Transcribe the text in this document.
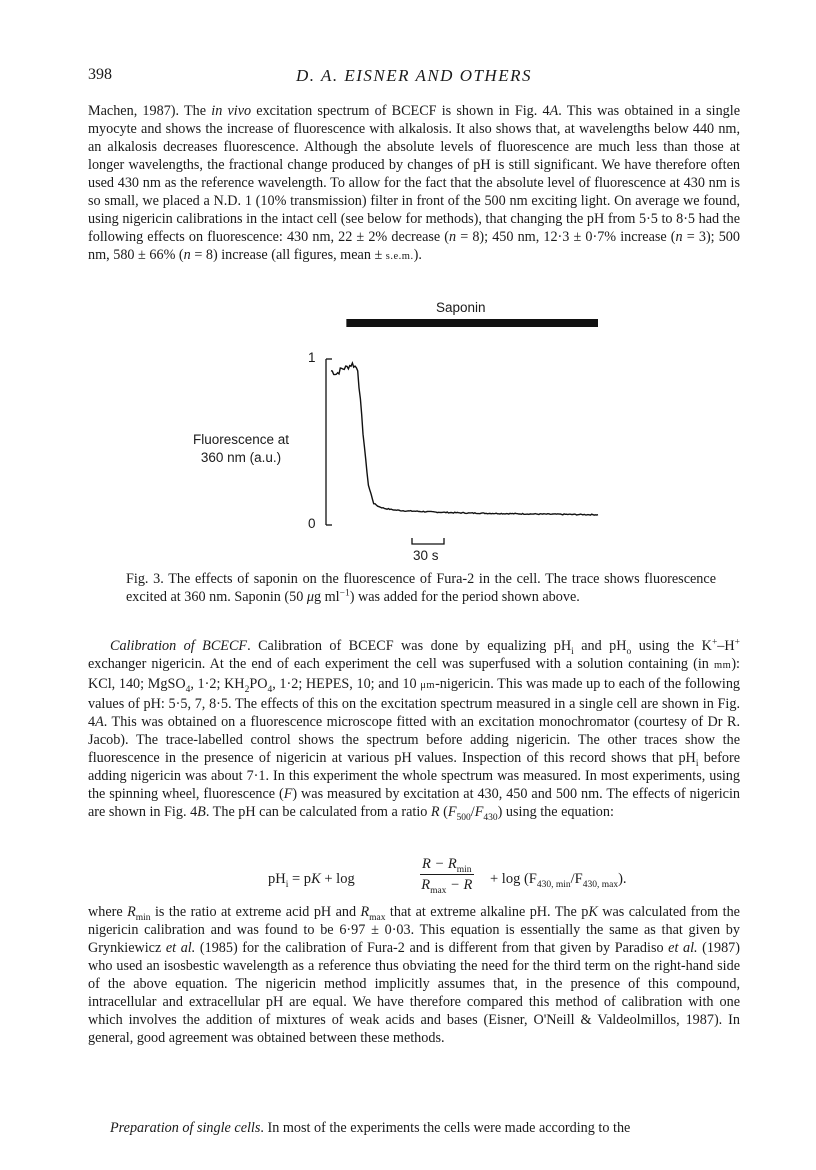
398	D. A. EISNER AND OTHERS

Machen, 1987). The in vivo excitation spectrum of BCECF is shown in Fig. 4A. This was obtained in a single myocyte and shows the increase of fluorescence with alkalosis. It also shows that, at wavelengths below 440 nm, an alkalosis decreases fluorescence. Although the absolute levels of fluorescence are much less than those at longer wavelengths, the fractional change produced by changes of pH is still significant. We have therefore often used 430 nm as the reference wavelength. To allow for the fact that the absolute level of fluorescence at 430 nm is so small, we placed a N.D. 1 (10% transmission) filter in front of the 500 nm exciting light. On average we found, using nigericin calibrations in the intact cell (see below for methods), that changing the pH from 5·5 to 8·5 had the following effects on fluorescence: 430 nm, 22 ± 2% decrease (n = 8); 450 nm, 12·3 ± 0·7% increase (n = 3); 500 nm, 580 ± 66% (n = 8) increase (all figures, mean ± s.e.m.).

Saponin
Fluorescence at
360 nm (a.u.)
1
0
30 s

Fig. 3. The effects of saponin on the fluorescence of Fura-2 in the cell. The trace shows fluorescence excited at 360 nm. Saponin (50 μg $ml^{-1}$) was added for the period shown above.

Calibration of BCECF. Calibration of BCECF was done by equalizing $pH_i$ and $pH_o$ using the K+–H+ exchanger nigericin. At the end of each experiment the cell was superfused with a solution containing (in mm): KCl, 140; MgSO$_4$, 1·2; $KH_2PO_4$, 1·2; HEPES, 10; and 10 μm-nigericin. This was made up to each of the following values of pH: 5·5, 7, 8·5. The effects of this on the excitation spectrum measured in a single cell are shown in Fig. 4A. This was obtained on a fluorescence microscope fitted with an excitation monochromator (courtesy of Dr R. Jacob). The trace-labelled control shows the spectrum before adding nigericin. The other traces show the fluorescence in the presence of nigericin at various pH values. Inspection of this record shows that $pH_i$ before adding nigericin was about 7·1. In this experiment the whole spectrum was measured. In most experiments, using the spinning wheel, fluorescence (F) was measured by excitation at 430, 450 and 500 nm. The effects of nigericin are shown in Fig. 4B. The pH can be calculated from a ratio R $(F_{500}/F_{430})$ using the equation:

$pH_i$ = pK + log
$R - R_{min}$
$R_{max} - R + \log (F_{430, min}/F_{430, max})$.

where $R_{min}$ is the ratio at extreme acid pH and $R_{max}$ that at extreme alkaline pH. The pK was calculated from the nigericin calibration and was found to be 6·97 ± 0·03. This equation is essentially the same as that given by Grynkiewicz et al. (1985) for the calibration of Fura-2 and is different from that given by Paradiso et al. (1987) who used an isosbestic wavelength as a reference thus obviating the need for the third term on the right-hand side of the above equation. The nigericin method implicitly assumes that, in the presence of this compound, intracellular and extracellular pH are equal. We have therefore compared this method of calibration with one which involves the addition of mixtures of weak acids and bases (Eisner, O'Neill & Valdeolmillos, 1987). In general, good agreement was obtained between these methods.

Preparation of single cells. In most of the experiments the cells were made according to the
